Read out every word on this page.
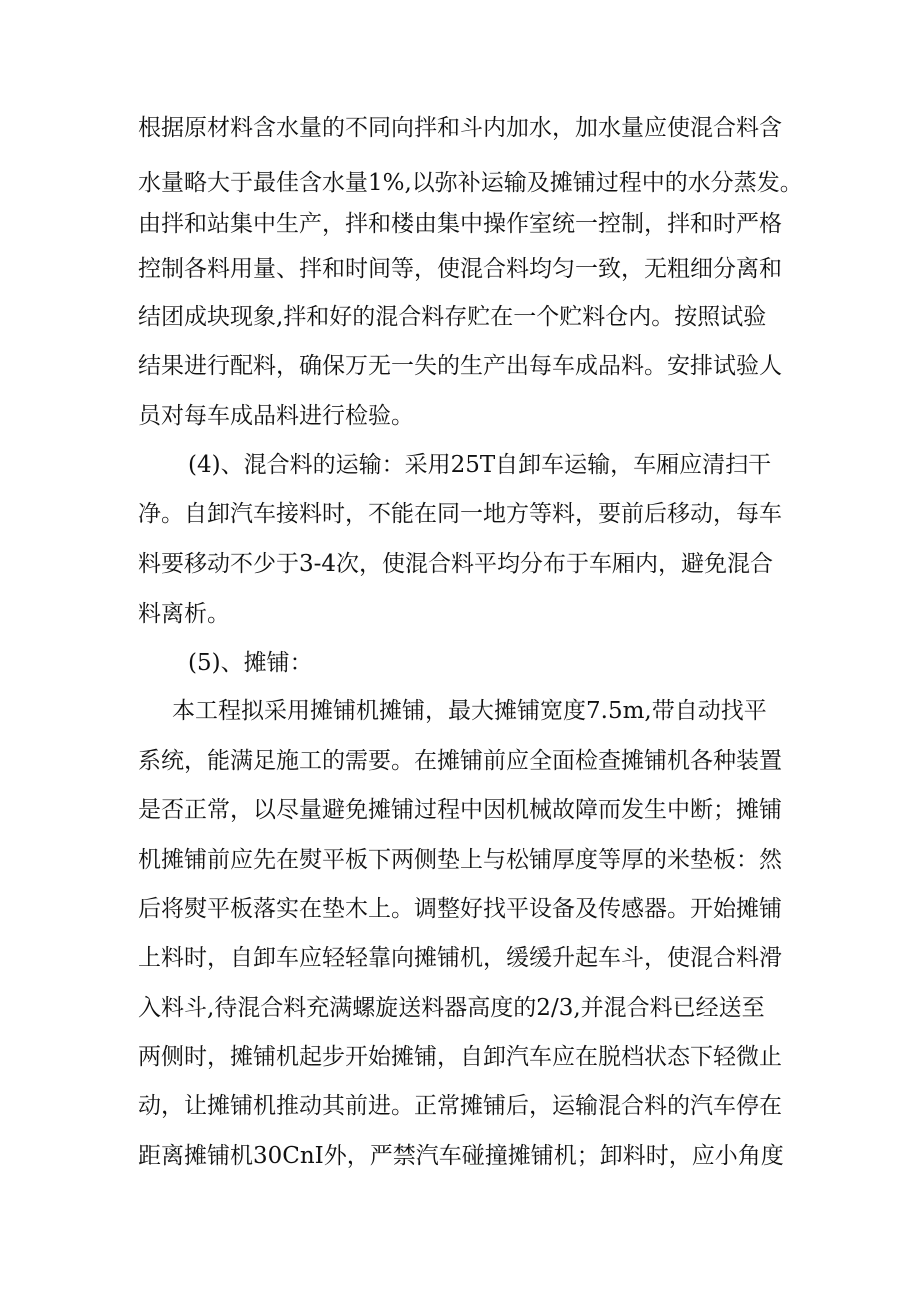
根据原材料含水量的不同向拌和斗内加水，加水量应使混合料含
水量略大于最佳含水量1%,以弥补运输及摊铺过程中的水分蒸发。
由拌和站集中生产，拌和楼由集中操作室统一控制，拌和时严格
控制各料用量、拌和时间等，使混合料均匀一致，无粗细分离和
结团成块现象,拌和好的混合料存贮在一个贮料仓内。按照试验
结果进行配料，确保万无一失的生产出每车成品料。安排试验人
员对每车成品料进行检验。
(4)、混合料的运输：采用25T自卸车运输，车厢应清扫干
净。自卸汽车接料时，不能在同一地方等料，要前后移动，每车
料要移动不少于3-4次，使混合料平均分布于车厢内，避免混合
料离析。
(5)、摊铺：
本工程拟采用摊铺机摊铺，最大摊铺宽度7.5m,带自动找平
系统，能满足施工的需要。在摊铺前应全面检查摊铺机各种装置
是否正常，以尽量避免摊铺过程中因机械故障而发生中断；摊铺
机摊铺前应先在熨平板下两侧垫上与松铺厚度等厚的米垫板：然
后将熨平板落实在垫木上。调整好找平设备及传感器。开始摊铺
上料时，自卸车应轻轻靠向摊铺机，缓缓升起车斗，使混合料滑
入料斗,待混合料充满螺旋送料器高度的2/3,并混合料已经送至
两侧时，摊铺机起步开始摊铺，自卸汽车应在脱档状态下轻微止
动，让摊铺机推动其前进。正常摊铺后，运输混合料的汽车停在
距离摊铺机30CnI外，严禁汽车碰撞摊铺机；卸料时，应小角度
